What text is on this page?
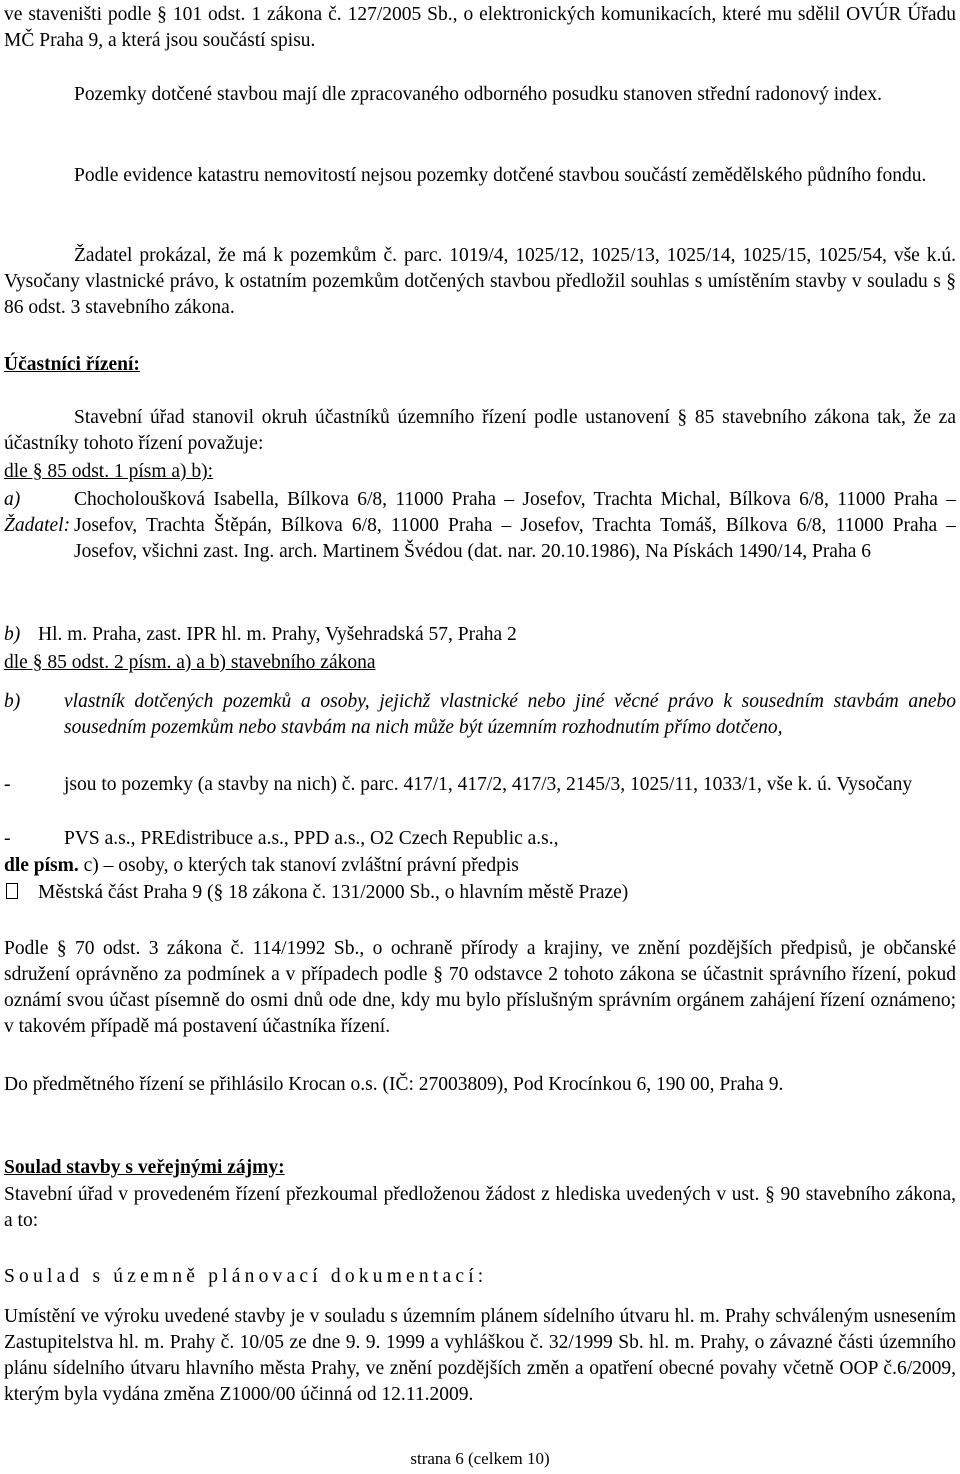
ve staveništi podle § 101 odst. 1 zákona č. 127/2005 Sb., o elektronických komunikacích, které mu sdělil OVÚR Úřadu MČ Praha 9, a která jsou součástí spisu.

Pozemky dotčené stavbou mají dle zpracovaného odborného posudku stanoven střední radonový index.

Podle evidence katastru nemovitostí nejsou pozemky dotčené stavbou součástí zemědělského půdního fondu.

Žadatel prokázal, že má k pozemkům č. parc. 1019/4, 1025/12, 1025/13, 1025/14, 1025/15, 1025/54, vše k.ú. Vysočany vlastnické právo, k ostatním pozemkům dotčených stavbou předložil souhlas s umístěním stavby v souladu s § 86 odst. 3 stavebního zákona.

Účastníci řízení:

Stavební úřad stanovil okruh účastníků územního řízení podle ustanovení § 85 stavebního zákona tak, že za účastníky tohoto řízení považuje:

dle § 85 odst. 1 písm a) b):

a) Žadatel:
Chocholoušková Isabella, Bílkova 6/8, 11000 Praha – Josefov, Trachta Michal, Bílkova 6/8, 11000 Praha – Josefov, Trachta Štěpán, Bílkova 6/8, 11000 Praha – Josefov, Trachta Tomáš, Bílkova 6/8, 11000 Praha – Josefov, všichni zast. Ing. arch. Martinem Švédou (dat. nar. 20.10.1986), Na Pískách 1490/14, Praha 6
b) Hl. m. Praha, zast. IPR hl. m. Prahy, Vyšehradská 57, Praha 2

dle § 85 odst. 2 písm. a) a b) stavebního zákona

b)	vlastník dotčených pozemků a osoby, jejichž vlastnické nebo jiné věcné právo k sousedním stavbám anebo sousedním pozemkům nebo stavbám na nich může být územním rozhodnutím přímo dotčeno,
-	jsou to pozemky (a stavby na nich) č. parc. 417/1, 417/2, 417/3, 2145/3, 1025/11, 1033/1, vše k. ú. Vysočany
-	PVS a.s., PREdistribuce a.s., PPD a.s., O2 Czech Republic a.s.,

dle písm. c) – osoby, o kterých tak stanoví zvláštní právní předpis

Městská část Praha 9 (§ 18 zákona č. 131/2000 Sb., o hlavním městě Praze)

Podle § 70 odst. 3 zákona č. 114/1992 Sb., o ochraně přírody a krajiny, ve znění pozdějších předpisů, je občanské sdružení oprávněno za podmínek a v případech podle § 70 odstavce 2 tohoto zákona se účastnit správního řízení, pokud oznámí svou účast písemně do osmi dnů ode dne, kdy mu bylo příslušným správním orgánem zahájení řízení oznámeno; v takovém případě má postavení účastníka řízení.

Do předmětného řízení se přihlásilo Krocan o.s. (IČ: 27003809), Pod Krocínkou 6, 190 00, Praha 9.

Soulad stavby s veřejnými zájmy:

Stavební úřad v provedeném řízení přezkoumal předloženou žádost z hlediska uvedených v ust. § 90 stavebního zákona, a to:

Soulad s územně plánovací dokumentací:

Umístění ve výroku uvedené stavby je v souladu s územním plánem sídelního útvaru hl. m. Prahy schváleným usnesením Zastupitelstva hl. m. Prahy č. 10/05 ze dne 9. 9. 1999 a vyhláškou č. 32/1999 Sb. hl. m. Prahy, o závazné části územního plánu sídelního útvaru hlavního města Prahy, ve znění pozdějších změn a opatření obecné povahy včetně OOP č.6/2009, kterým byla vydána změna Z1000/00 účinná od 12.11.2009.

strana 6 (celkem 10)
